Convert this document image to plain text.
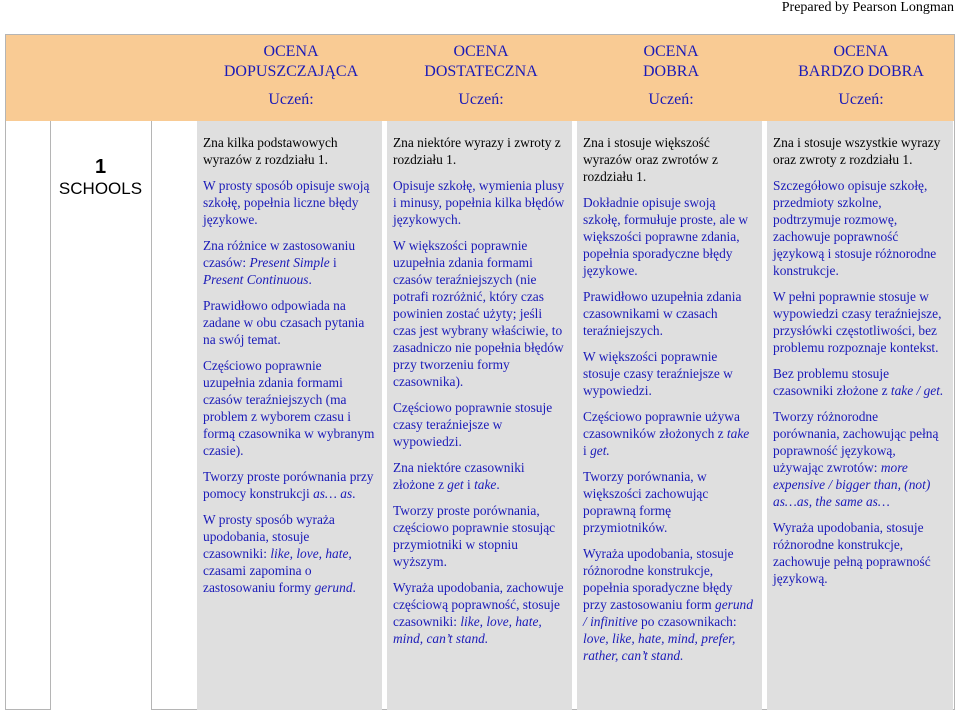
Prepared by Pearson Longman
OCENA
DOPUSZCZAJĄCA
Uczeń:
OCENA
DOSTATECZNA
Uczeń:
OCENA
DOBRA
Uczeń:
OCENA
BARDZO DOBRA
Uczeń:
1
SCHOOLS

Zna kilka podstawowych wyrazów z rozdziału 1.

W prosty sposób opisuje swoją szkołę, popełnia liczne błędy językowe.

Zna różnice w zastosowaniu czasów: Present Simple i Present Continuous.

Prawidłowo odpowiada na zadane w obu czasach pytania na swój temat.

Częściowo poprawnie uzupełnia zdania formami czasów teraźniejszych (ma problem z wyborem czasu i formą czasownika w wybranym czasie).

Tworzy proste porównania przy pomocy konstrukcji as… as.

W prosty sposób wyraża upodobania, stosuje czasowniki: like, love, hate, czasami zapomina o zastosowaniu formy gerund.

Zna niektóre wyrazy i zwroty z rozdziału 1.

Opisuje szkołę, wymienia plusy i minusy, popełnia kilka błędów językowych.

W większości poprawnie uzupełnia zdania formami czasów teraźniejszych (nie potrafi rozróżnić, który czas powinien zostać użyty; jeśli czas jest wybrany właściwie, to zasadniczo nie popełnia błędów przy tworzeniu formy czasownika).

Częściowo poprawnie stosuje czasy teraźniejsze w wypowiedzi.

Zna niektóre czasowniki złożone z get i take.

Tworzy proste porównania, częściowo poprawnie stosując przymiotniki w stopniu wyższym.

Wyraża upodobania, zachowuje częściową poprawność, stosuje czasowniki: like, love, hate, mind, can’t stand.

Zna i stosuje większość wyrazów oraz zwrotów z rozdziału 1.

Dokładnie opisuje swoją szkołę, formułuje proste, ale w większości poprawne zdania, popełnia sporadyczne błędy językowe.

Prawidłowo uzupełnia zdania czasownikami w czasach teraźniejszych.

W większości poprawnie stosuje czasy teraźniejsze w wypowiedzi.

Częściowo poprawnie używa czasowników złożonych z take i get.

Tworzy porównania, w większości zachowując poprawną formę przymiotników.

Wyraża upodobania, stosuje różnorodne konstrukcje, popełnia sporadyczne błędy przy zastosowaniu form gerund / infinitive po czasownikach: love, like, hate, mind, prefer, rather, can’t stand.

Zna i stosuje wszystkie wyrazy oraz zwroty z rozdziału 1.

Szczegółowo opisuje szkołę, przedmioty szkolne, podtrzymuje rozmowę, zachowuje poprawność językową i stosuje różnorodne konstrukcje.

W pełni poprawnie stosuje w wypowiedzi czasy teraźniejsze, przysłówki częstotliwości, bez problemu rozpoznaje kontekst.

Bez problemu stosuje czasowniki złożone z take / get.

Tworzy różnorodne porównania, zachowując pełną poprawność językową, używając zwrotów: more expensive / bigger than, (not) as…as, the same as…

Wyraża upodobania, stosuje różnorodne konstrukcje, zachowuje pełną poprawność językową.
